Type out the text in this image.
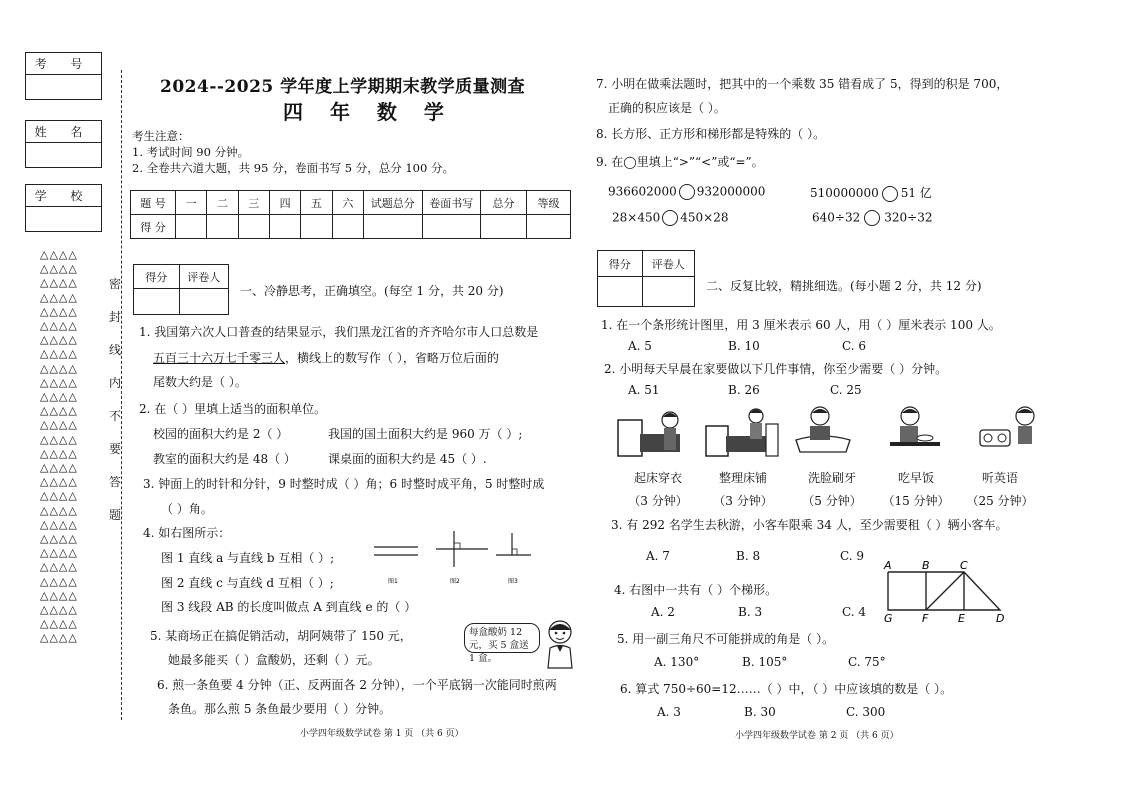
考 号
姓 名
学 校
△△△△
△△△△
△△△△
△△△△
△△△△
△△△△
△△△△
△△△△
△△△△
△△△△
△△△△
△△△△
△△△△
△△△△
△△△△
△△△△
△△△△
△△△△
△△△△
△△△△
△△△△
△△△△
△△△△
△△△△
△△△△
△△△△
△△△△
△△△△
密
封
线
内
不
要
答
题
2024--2025 学年度上学期期末教学质量测查
四 年 数 学
考生注意：
1. 考试时间 90 分钟。
2. 全卷共六道大题，共 95 分，卷面书写 5 分，总分 100 分。
题 号	一	二	三	四	五	六	试题总分	卷面书写	总分	等级
得 分										
得分	评卷人

一、冷静思考，正确填空。(每空 1 分，共 20 分)
1. 我国第六次人口普查的结果显示，我们黑龙江省的齐齐哈尔市人口总数是
五百三十六万七千零三人，横线上的数写作（ ），省略万位后面的
尾数大约是（ ）。
2. 在（ ）里填上适当的面积单位。
校园的面积大约是 2（ ）	我国的国土面积大约是 960 万（ ）;
教室的面积大约是 48（ ）	课桌面的面积大约是 45（ ）.
3. 钟面上的时针和分针，9 时整时成（ ）角；6 时整时成平角，5 时整时成
（ ）角。
4. 如右图所示：
图 1 直线 a 与直线 b 互相（ ）;
图 2 直线 c 与直线 d 互相（ ）;
图 3 线段 AB 的长度叫做点 A 到直线 e 的（ ）
图1	图2	图3
5. 某商场正在搞促销活动，胡阿姨带了 150 元，
她最多能买（ ）盒酸奶，还剩（ ）元。
每盒酸奶 12 元，买 5 盒送 1 盒。
6. 煎一条鱼要 4 分钟（正、反两面各 2 分钟），一个平底锅一次能同时煎两
条鱼。那么煎 5 条鱼最少要用（ ）分钟。
小学四年级数学试卷 第 1 页 （共 6 页）
7. 小明在做乘法题时，把其中的一个乘数 35 错看成了 5，得到的积是 700，
正确的积应该是（ ）。
8. 长方形、正方形和梯形都是特殊的（ ）。
9. 在◯里填上“>”“<”或“=”。
936602000 932000000	510000000 51 亿
28×450 450×28	640÷32 320÷32
得分	评卷人

二、反复比较，精挑细选。(每小题 2 分，共 12 分)
1. 在一个条形统计图里，用 3 厘米表示 60 人，用（ ）厘米表示 100 人。
A. 5	B. 10	C. 6
2. 小明每天早晨在家要做以下几件事情，你至少需要（ ）分钟。
A. 51	B. 26	C. 25
起床穿衣	整理床铺	洗脸刷牙	吃早饭	听英语
（3 分钟）	（3 分钟）	（5 分钟）	（15 分钟）	（25 分钟）
3. 有 292 名学生去秋游，小客车限乘 34 人，至少需要租（ ）辆小客车。
A. 7	B. 8	C. 9
4. 右图中一共有（ ）个梯形。
A. 2	B. 3	C. 4
A	B	C
G	F	E	D
5. 用一副三角尺不可能拼成的角是（ ）。
A. 130°	B. 105°	C. 75°
6. 算式 750÷60=12……（ ）中，（ ）中应该填的数是（ ）。
A. 3	B. 30	C. 300
小学四年级数学试卷 第 2 页 （共 6 页）
